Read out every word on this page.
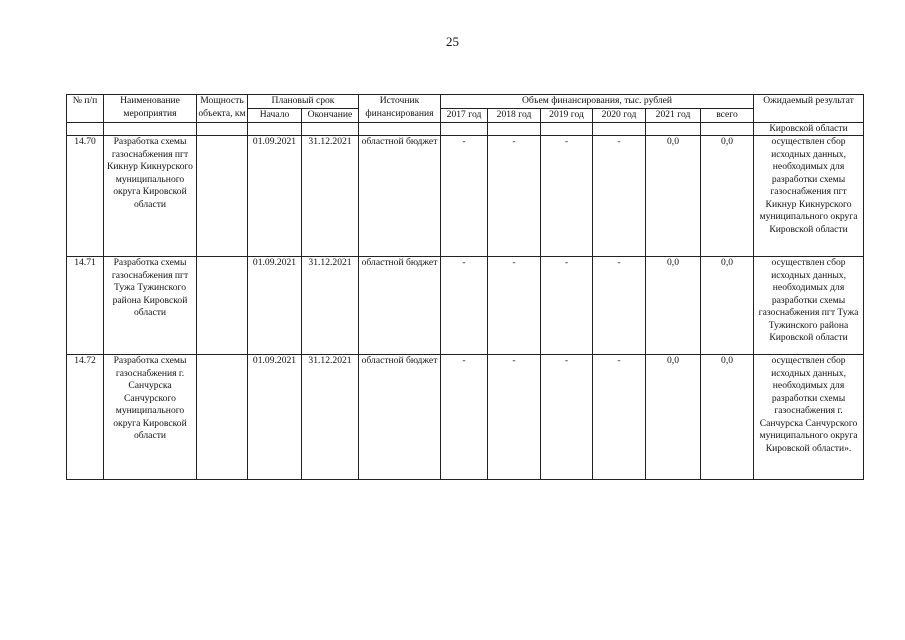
25
№ п/п	Наименование мероприятия	Мощность объекта, км	Плановый срок		Источник финансирования	Объем финансирования, тыс. рублей						Ожидаемый результат
			Начало	Окончание		2017 год	2018 год	2019 год	2020 год	2021 год	всего	
												Кировской области
14.70	Разработка схемы газоснабжения пгт Кикнур Кикнурского муниципального округа Кировской области		01.09.2021	31.12.2021	областной бюджет	-	-	-	-	0,0	0,0	осуществлен сбор исходных данных, необходимых для разработки схемы газоснабжения пгт Кикнур Кикнурского муниципального округа Кировской области
14.71	Разработка схемы газоснабжения пгт Тужа Тужинского района Кировской области		01.09.2021	31.12.2021	областной бюджет	-	-	-	-	0,0	0,0	осуществлен сбор исходных данных, необходимых для разработки схемы газоснабжения пгт Тужа Тужинского района Кировской области
14.72	Разработка схемы газоснабжения г. Санчурска Санчурского муниципального округа Кировской области		01.09.2021	31.12.2021	областной бюджет	-	-	-	-	0,0	0,0	осуществлен сбор исходных данных, необходимых для разработки схемы газоснабжения г. Санчурска Санчурского муниципального округа Кировской области».
